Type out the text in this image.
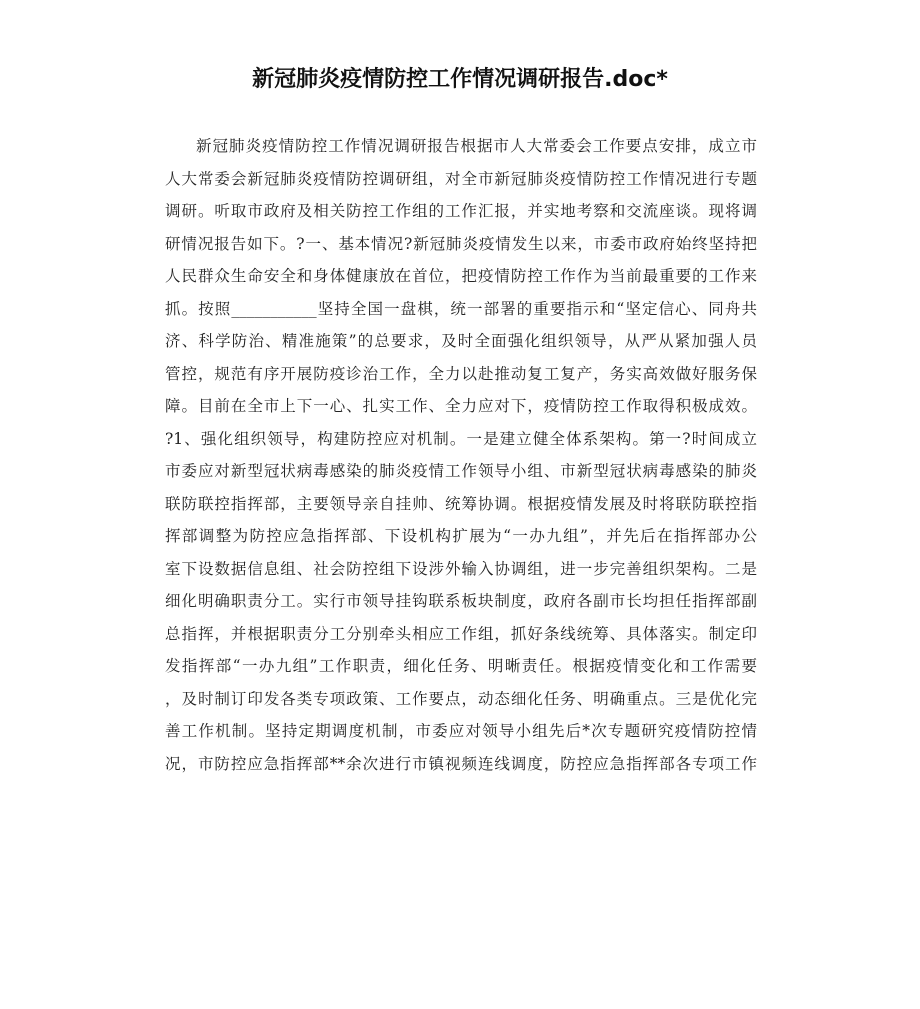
新冠肺炎疫情防控工作情况调研报告.doc*
新冠肺炎疫情防控工作情况调研报告根据市人大常委会工作要点安排，成立市
人大常委会新冠肺炎疫情防控调研组，对全市新冠肺炎疫情防控工作情况进行专题
调研。听取市政府及相关防控工作组的工作汇报，并实地考察和交流座谈。现将调
研情况报告如下。?一、基本情况?新冠肺炎疫情发生以来，市委市政府始终坚持把
人民群众生命安全和身体健康放在首位，把疫情防控工作作为当前最重要的工作来
抓。按照___________坚持全国一盘棋，统一部署的重要指示和“坚定信心、同舟共
济、科学防治、精准施策”的总要求，及时全面强化组织领导，从严从紧加强人员
管控，规范有序开展防疫诊治工作，全力以赴推动复工复产，务实高效做好服务保
障。目前在全市上下一心、扎实工作、全力应对下，疫情防控工作取得积极成效。
?1、强化组织领导，构建防控应对机制。一是建立健全体系架构。第一?时间成立
市委应对新型冠状病毒感染的肺炎疫情工作领导小组、市新型冠状病毒感染的肺炎
联防联控指挥部，主要领导亲自挂帅、统筹协调。根据疫情发展及时将联防联控指
挥部调整为防控应急指挥部、下设机构扩展为“一办九组”，并先后在指挥部办公
室下设数据信息组、社会防控组下设涉外输入协调组，进一步完善组织架构。二是
细化明确职责分工。实行市领导挂钩联系板块制度，政府各副市长均担任指挥部副
总指挥，并根据职责分工分别牵头相应工作组，抓好条线统筹、具体落实。制定印
发指挥部“一办九组”工作职责，细化任务、明晰责任。根据疫情变化和工作需要
，及时制订印发各类专项政策、工作要点，动态细化任务、明确重点。三是优化完
善工作机制。坚持定期调度机制，市委应对领导小组先后*次专题研究疫情防控情
况，市防控应急指挥部**余次进行市镇视频连线调度，防控应急指挥部各专项工作
